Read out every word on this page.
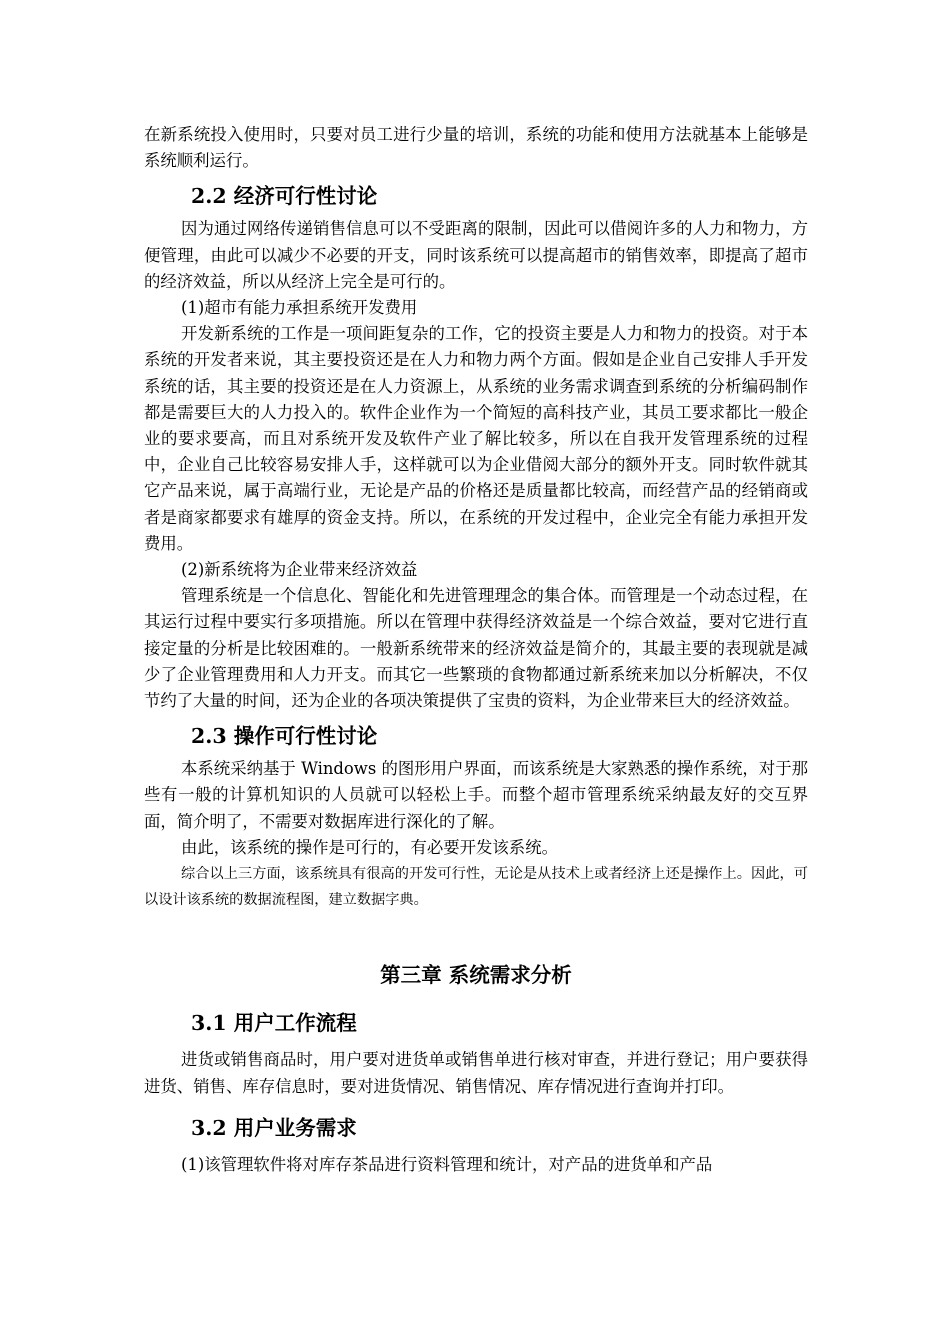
在新系统投入使用时，只要对员工进行少量的培训，系统的功能和使用方法就基本上能够是系统顺利运行。

2.2 经济可行性讨论

因为通过网络传递销售信息可以不受距离的限制，因此可以借阅许多的人力和物力，方便管理，由此可以减少不必要的开支，同时该系统可以提高超市的销售效率，即提高了超市的经济效益，所以从经济上完全是可行的。

(1)超市有能力承担系统开发费用

开发新系统的工作是一项间距复杂的工作，它的投资主要是人力和物力的投资。对于本系统的开发者来说，其主要投资还是在人力和物力两个方面。假如是企业自己安排人手开发系统的话，其主要的投资还是在人力资源上，从系统的业务需求调查到系统的分析编码制作都是需要巨大的人力投入的。软件企业作为一个简短的高科技产业，其员工要求都比一般企业的要求要高，而且对系统开发及软件产业了解比较多，所以在自我开发管理系统的过程中，企业自己比较容易安排人手，这样就可以为企业借阅大部分的额外开支。同时软件就其它产品来说，属于高端行业，无论是产品的价格还是质量都比较高，而经营产品的经销商或者是商家都要求有雄厚的资金支持。所以，在系统的开发过程中，企业完全有能力承担开发费用。

(2)新系统将为企业带来经济效益

管理系统是一个信息化、智能化和先进管理理念的集合体。而管理是一个动态过程，在其运行过程中要实行多项措施。所以在管理中获得经济效益是一个综合效益，要对它进行直接定量的分析是比较困难的。一般新系统带来的经济效益是简介的，其最主要的表现就是减少了企业管理费用和人力开支。而其它一些繁琐的食物都通过新系统来加以分析解决，不仅节约了大量的时间，还为企业的各项决策提供了宝贵的资料，为企业带来巨大的经济效益。

2.3 操作可行性讨论

本系统采纳基于 Windows 的图形用户界面，而该系统是大家熟悉的操作系统，对于那些有一般的计算机知识的人员就可以轻松上手。而整个超市管理系统采纳最友好的交互界面，简介明了，不需要对数据库进行深化的了解。

由此，该系统的操作是可行的，有必要开发该系统。

综合以上三方面，该系统具有很高的开发可行性，无论是从技术上或者经济上还是操作上。因此，可以设计该系统的数据流程图，建立数据字典。

第三章 系统需求分析
3.1 用户工作流程

进货或销售商品时，用户要对进货单或销售单进行核对审查，并进行登记；用户要获得进货、销售、库存信息时，要对进货情况、销售情况、库存情况进行查询并打印。

3.2 用户业务需求

(1)该管理软件将对库存茶品进行资料管理和统计，对产品的进货单和产品
